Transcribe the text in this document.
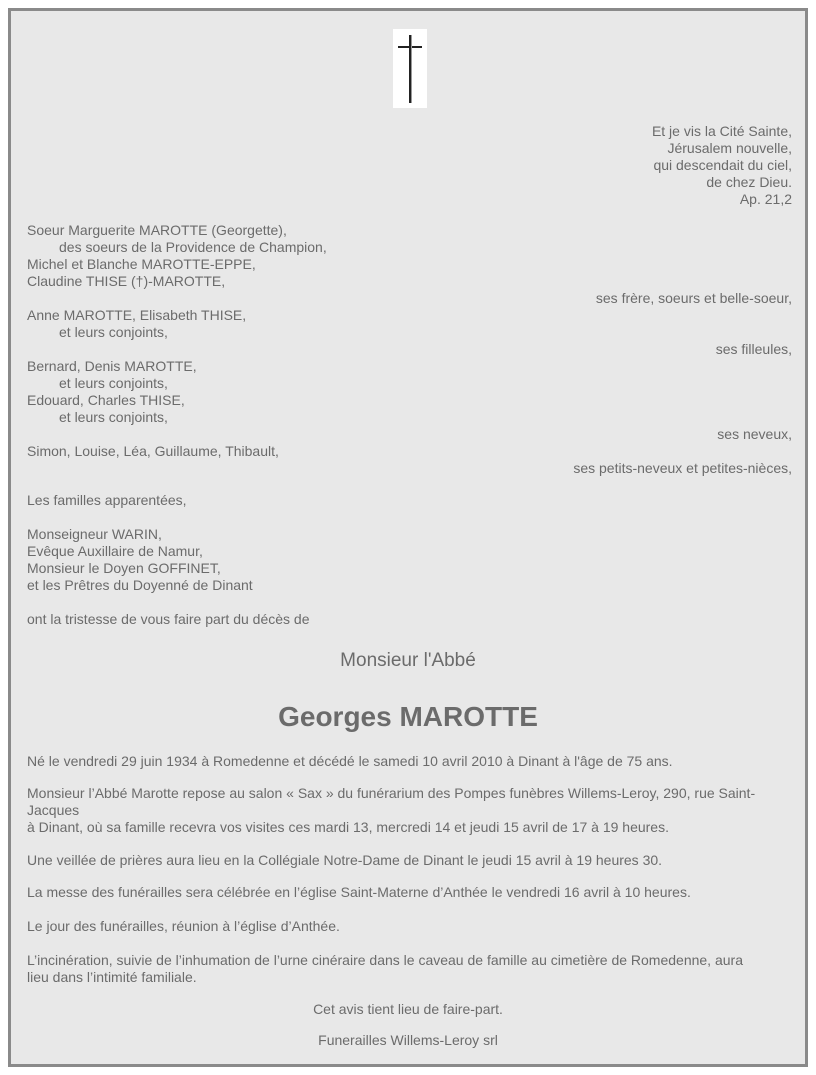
Et je vis la Cité Sainte,
Jérusalem nouvelle,
qui descendait du ciel,
de chez Dieu.
Ap. 21,2
Soeur Marguerite MAROTTE (Georgette),
des soeurs de la Providence de Champion,
Michel et Blanche MAROTTE-EPPE,
Claudine THISE (†)-MAROTTE,
ses frère, soeurs et belle-soeur,
Anne MAROTTE, Elisabeth THISE,
et leurs conjoints,
ses filleules,
Bernard, Denis MAROTTE,
et leurs conjoints,
Edouard, Charles THISE,
et leurs conjoints,
ses neveux,
Simon, Louise, Léa, Guillaume, Thibault,
ses petits-neveux et petites-nièces,
Les familles apparentées,
Monseigneur WARIN,
Evêque Auxillaire de Namur,
Monsieur le Doyen GOFFINET,
et les Prêtres du Doyenné de Dinant
ont la tristesse de vous faire part du décès de
Monsieur l'Abbé
Georges MAROTTE
Né le vendredi 29 juin 1934 à Romedenne et décédé le samedi 10 avril 2010 à Dinant à l'âge de 75 ans.
Monsieur l’Abbé Marotte repose au salon « Sax » du funérarium des Pompes funèbres Willems-Leroy, 290, rue Saint-
Jacques
à Dinant, où sa famille recevra vos visites ces mardi 13, mercredi 14 et jeudi 15 avril de 17 à 19 heures.
Une veillée de prières aura lieu en la Collégiale Notre-Dame de Dinant le jeudi 15 avril à 19 heures 30.
La messe des funérailles sera célébrée en l’église Saint-Materne d’Anthée le vendredi 16 avril à 10 heures.
Le jour des funérailles, réunion à l’église d’Anthée.
L’incinération, suivie de l’inhumation de l’urne cinéraire dans le caveau de famille au cimetière de Romedenne, aura
lieu dans l’intimité familiale.
Cet avis tient lieu de faire-part.
Funerailles Willems-Leroy srl
